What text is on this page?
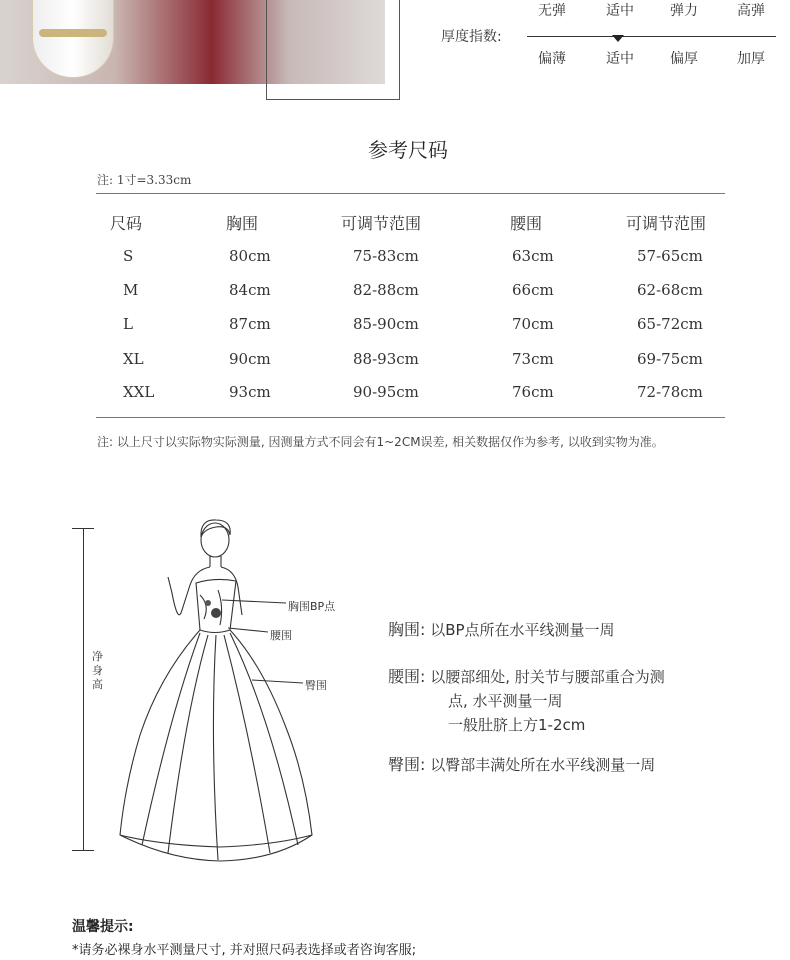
无弹	适中	弹力	高弹
厚度指数:
偏薄	适中	偏厚	加厚
参考尺码
注: 1寸=3.33cm
尺码	胸围	可调节范围	腰围	可调节范围
S	80cm	75-83cm	63cm	57-65cm
M	84cm	82-88cm	66cm	62-68cm
L	87cm	85-90cm	70cm	65-72cm
XL	90cm	88-93cm	73cm	69-75cm
XXL	93cm	90-95cm	76cm	72-78cm
注: 以上尺寸以实际物实际测量, 因测量方式不同会有1~2CM误差, 相关数据仅作为参考, 以收到实物为准。
净身高
胸围BP点
腰围
臀围
胸围: 以BP点所在水平线测量一周
腰围: 以腰部细处, 肘关节与腰部重合为测
点, 水平测量一周
一般肚脐上方1-2cm
臀围: 以臀部丰满处所在水平线测量一周
温馨提示:
*请务必裸身水平测量尺寸, 并对照尺码表选择或者咨询客服;
